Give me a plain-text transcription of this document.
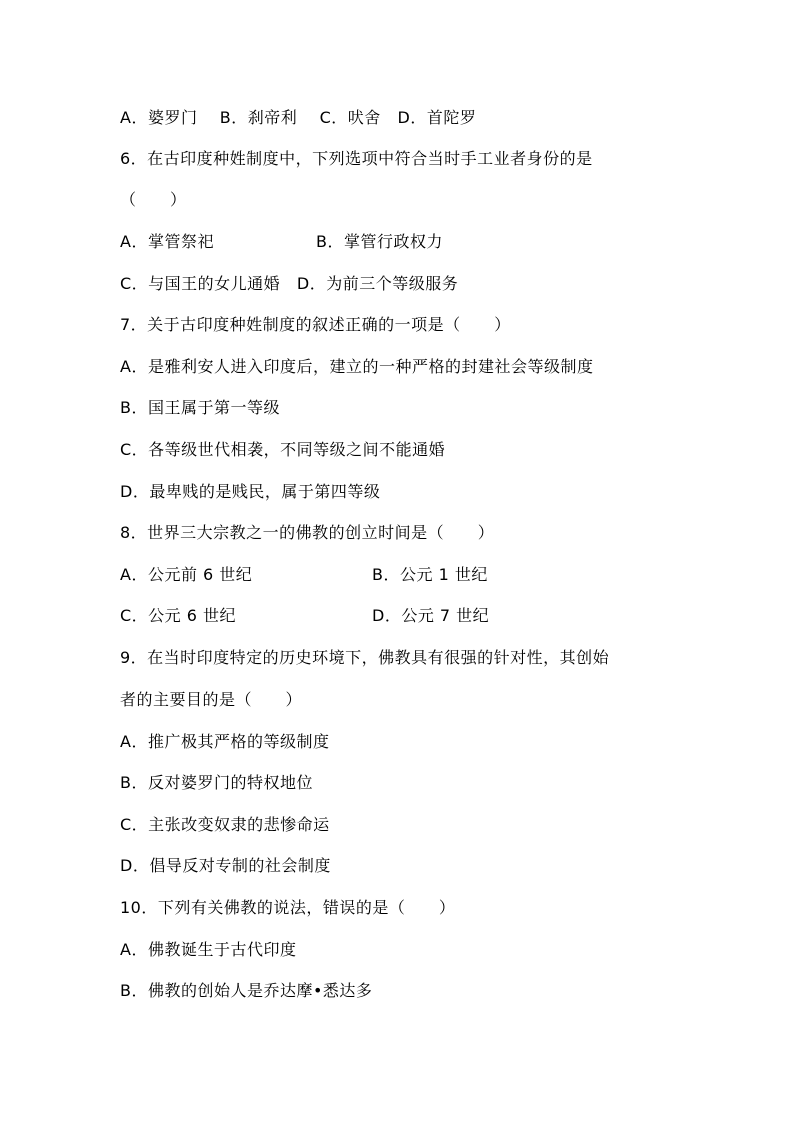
A．婆罗门    B．刹帝利    C．吠舍   D．首陀罗
6．在古印度种姓制度中，下列选项中符合当时手工业者身份的是
（      ）
A．掌管祭祀	B．掌管行政权力
C．与国王的女儿通婚   D．为前三个等级服务
7．关于古印度种姓制度的叙述正确的一项是（      ）
A．是雅利安人进入印度后，建立的一种严格的封建社会等级制度
B．国王属于第一等级
C．各等级世代相袭，不同等级之间不能通婚
D．最卑贱的是贱民，属于第四等级
8．世界三大宗教之一的佛教的创立时间是（      ）
A．公元前 6 世纪	B．公元 1 世纪
C．公元 6 世纪	D．公元 7 世纪
9．在当时印度特定的历史环境下，佛教具有很强的针对性，其创始
者的主要目的是（      ）
A．推广极其严格的等级制度
B．反对婆罗门的特权地位
C．主张改变奴隶的悲惨命运
D．倡导反对专制的社会制度
10．下列有关佛教的说法，错误的是（      ）
A．佛教诞生于古代印度
B．佛教的创始人是乔达摩•悉达多
